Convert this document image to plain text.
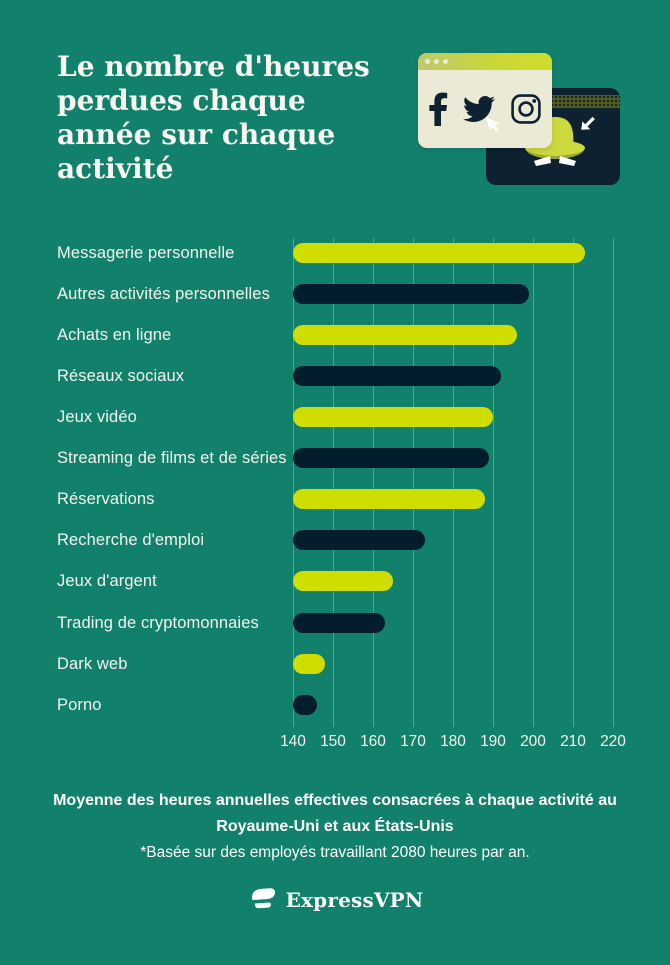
Le nombre d'heures
perdues chaque
année sur chaque
activité
Messagerie personnelle
Autres activités personnelles
Achats en ligne
Réseaux sociaux
Jeux vidéo
Streaming de films et de séries
Réservations
Recherche d'emploi
Jeux d'argent
Trading de cryptomonnaies
Dark web
Porno
140 150 160 170 180 190 200 210 220

Moyenne des heures annuelles effectives consacrées à chaque activité au Royaume-Uni et aux États-Unis

*Basée sur des employés travaillant 2080 heures par an.

ExpressVPN
